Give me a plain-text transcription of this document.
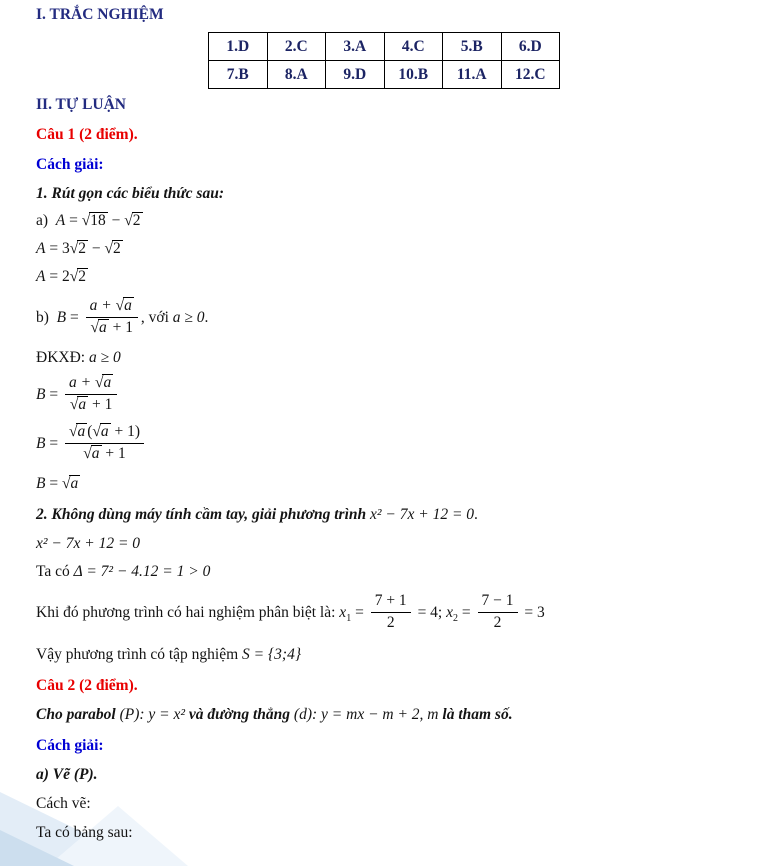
I. TRẮC NGHIỆM

1.D	2.C	3.A	4.C	5.B	6.D
7.B	8.A	9.D	10.B	11.A	12.C

II. TỰ LUẬN

Câu 1 (2 điểm).

Cách giải:

1. Rút gọn các biểu thức sau:

a) A = √ 18 − √ 2

A = 3 √ 2 − √ 2

A = 2 √ 2

b) B = a + √ a
√ a + 1 , với a ≥ 0.

ĐKXĐ: a ≥ 0

B = a + √ a
√ a + 1

B = √ a ( √ a + 1)
√ a + 1

B = √ a

2. Không dùng máy tính cầm tay, giải phương trình x² − 7x + 12 = 0.

x² − 7x + 12 = 0

Ta có Δ = 7² − 4.12 = 1 > 0

Khi đó phương trình có hai nghiệm phân biệt là: $x_1 = \frac{7 + 1}{2} = 4$; $x_2 = \frac{7 - 1}{2} = 3$

Vậy phương trình có tập nghiệm S = {3;4}

Câu 2 (2 điểm).

Cho parabol (P): y = x² và đường thẳng (d): y = mx − m + 2, m là tham số.

Cách giải:

a) Vẽ (P).

Cách vẽ:

Ta có bảng sau:
